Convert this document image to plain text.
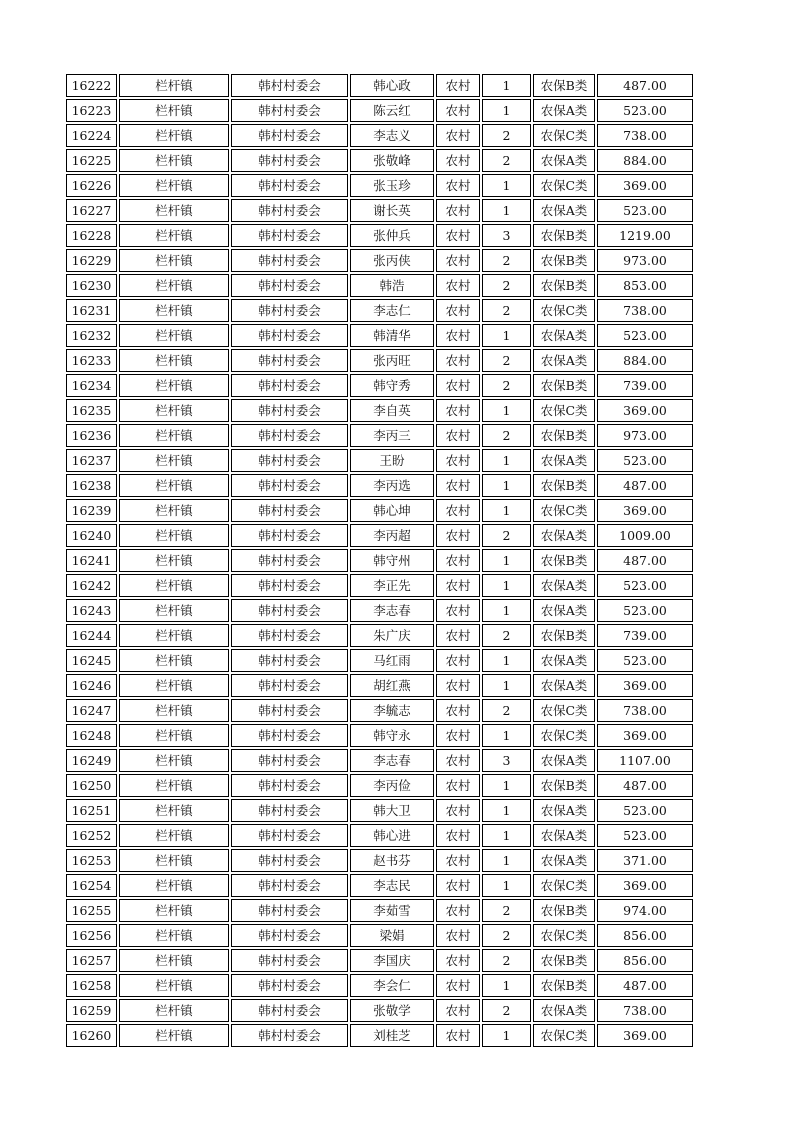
16222	栏杆镇	韩村村委会	韩心政	农村	1	农保B类	487.00
16223	栏杆镇	韩村村委会	陈云红	农村	1	农保A类	523.00
16224	栏杆镇	韩村村委会	李志义	农村	2	农保C类	738.00
16225	栏杆镇	韩村村委会	张敬峰	农村	2	农保A类	884.00
16226	栏杆镇	韩村村委会	张玉珍	农村	1	农保C类	369.00
16227	栏杆镇	韩村村委会	谢长英	农村	1	农保A类	523.00
16228	栏杆镇	韩村村委会	张仲兵	农村	3	农保B类	1219.00
16229	栏杆镇	韩村村委会	张丙侠	农村	2	农保B类	973.00
16230	栏杆镇	韩村村委会	韩浩	农村	2	农保B类	853.00
16231	栏杆镇	韩村村委会	李志仁	农村	2	农保C类	738.00
16232	栏杆镇	韩村村委会	韩清华	农村	1	农保A类	523.00
16233	栏杆镇	韩村村委会	张丙旺	农村	2	农保A类	884.00
16234	栏杆镇	韩村村委会	韩守秀	农村	2	农保B类	739.00
16235	栏杆镇	韩村村委会	李自英	农村	1	农保C类	369.00
16236	栏杆镇	韩村村委会	李丙三	农村	2	农保B类	973.00
16237	栏杆镇	韩村村委会	王盼	农村	1	农保A类	523.00
16238	栏杆镇	韩村村委会	李丙选	农村	1	农保B类	487.00
16239	栏杆镇	韩村村委会	韩心坤	农村	1	农保C类	369.00
16240	栏杆镇	韩村村委会	李丙超	农村	2	农保A类	1009.00
16241	栏杆镇	韩村村委会	韩守州	农村	1	农保B类	487.00
16242	栏杆镇	韩村村委会	李正先	农村	1	农保A类	523.00
16243	栏杆镇	韩村村委会	李志春	农村	1	农保A类	523.00
16244	栏杆镇	韩村村委会	朱广庆	农村	2	农保B类	739.00
16245	栏杆镇	韩村村委会	马红雨	农村	1	农保A类	523.00
16246	栏杆镇	韩村村委会	胡红燕	农村	1	农保A类	369.00
16247	栏杆镇	韩村村委会	李毓志	农村	2	农保C类	738.00
16248	栏杆镇	韩村村委会	韩守永	农村	1	农保C类	369.00
16249	栏杆镇	韩村村委会	李志春	农村	3	农保A类	1107.00
16250	栏杆镇	韩村村委会	李丙俭	农村	1	农保B类	487.00
16251	栏杆镇	韩村村委会	韩大卫	农村	1	农保A类	523.00
16252	栏杆镇	韩村村委会	韩心进	农村	1	农保A类	523.00
16253	栏杆镇	韩村村委会	赵书芬	农村	1	农保A类	371.00
16254	栏杆镇	韩村村委会	李志民	农村	1	农保C类	369.00
16255	栏杆镇	韩村村委会	李茹雪	农村	2	农保B类	974.00
16256	栏杆镇	韩村村委会	梁娟	农村	2	农保C类	856.00
16257	栏杆镇	韩村村委会	李国庆	农村	2	农保B类	856.00
16258	栏杆镇	韩村村委会	李会仁	农村	1	农保B类	487.00
16259	栏杆镇	韩村村委会	张敬学	农村	2	农保A类	738.00
16260	栏杆镇	韩村村委会	刘桂芝	农村	1	农保C类	369.00
